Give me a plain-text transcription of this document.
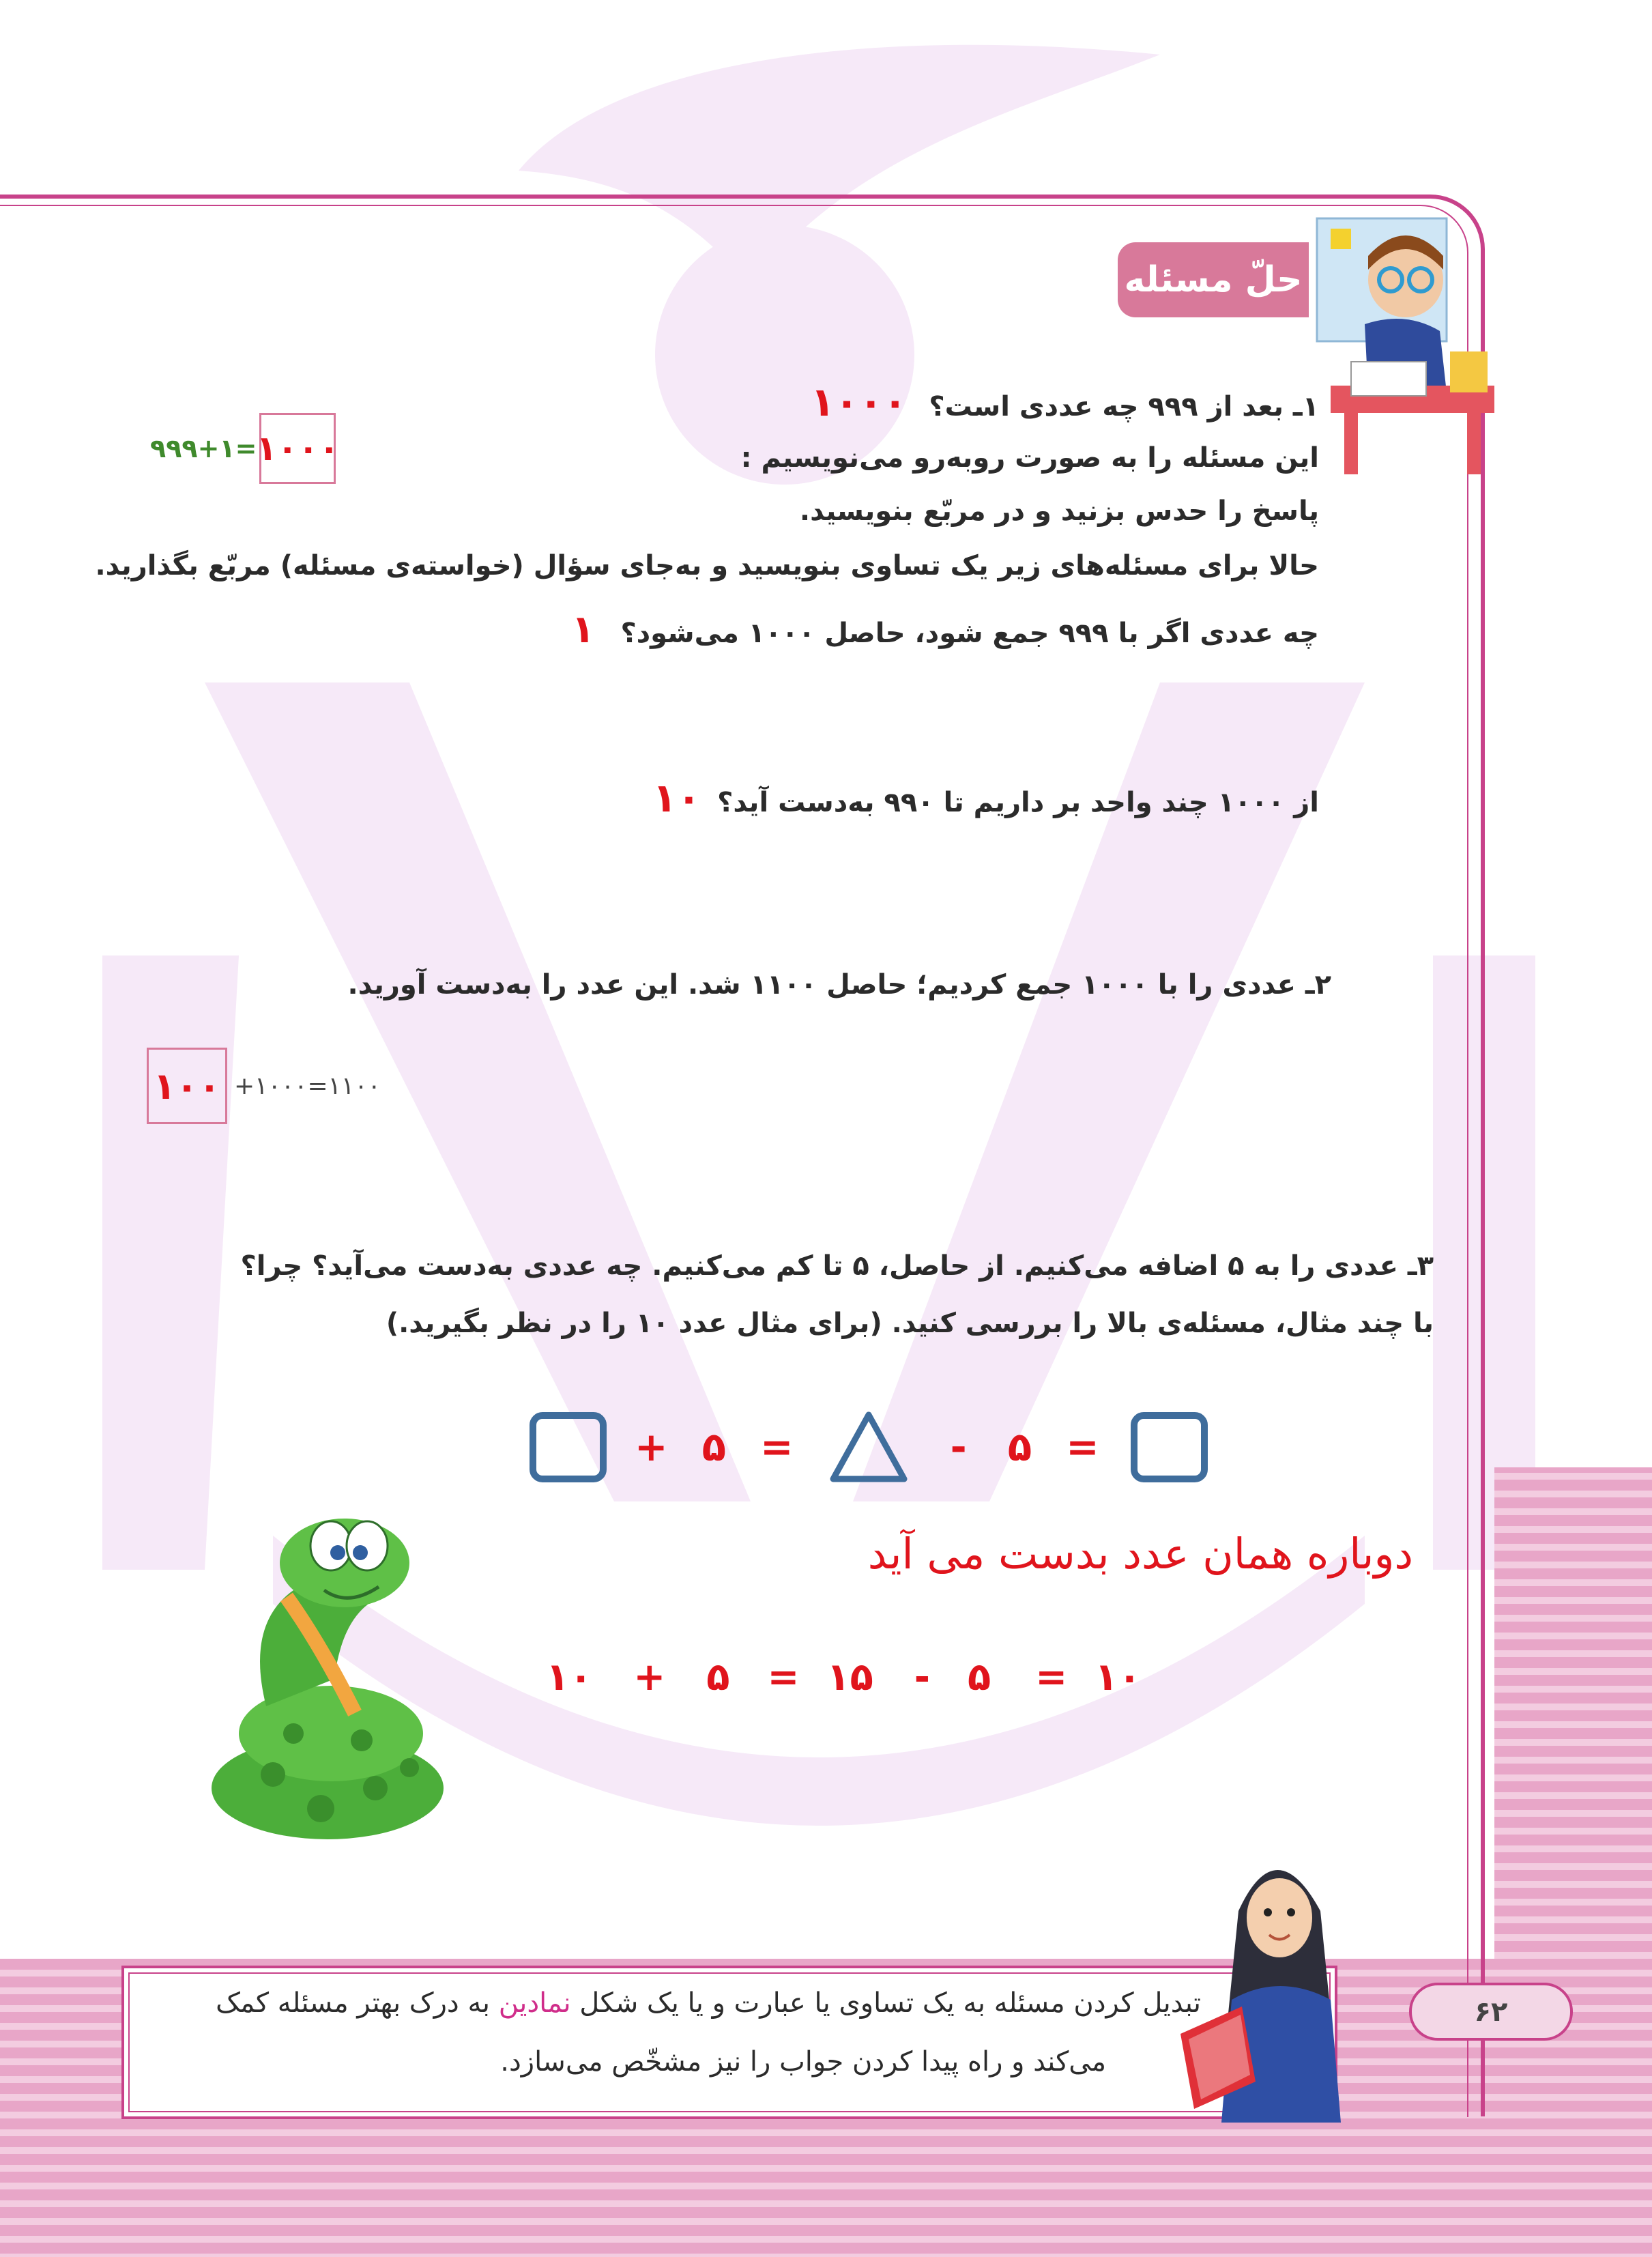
حلّ مسئله
۱ـ بعد از ۹۹۹ چه عددی است؟ ۱۰۰۰
۹۹۹+۱=
۱۰۰۰	این مسئله را به صورت روبه‌رو می‌نویسیم :
پاسخ را حدس بزنید و در مربّع بنویسید.
حالا برای مسئله‌های زیر یک تساوی بنویسید و به‌جای سؤال (خواسته‌ی مسئله) مربّع بگذارید.
چه عددی اگر با ۹۹۹ جمع شود، حاصل ۱۰۰۰ می‌شود؟ ۱
از ۱۰۰۰ چند واحد بر داریم تا ۹۹۰ به‌دست آید؟ ۱۰
۲ـ عددی را با ۱۰۰۰ جمع کردیم؛ حاصل ۱۱۰۰ شد. این عدد را به‌دست آورید.
۱۰۰ +۱۰۰۰=۱۱۰۰
۳ـ عددی را به ۵ اضافه می‌کنیم. از حاصل، ۵ تا کم می‌کنیم. چه عددی به‌دست می‌آید؟ چرا؟
با چند مثال، مسئله‌ی بالا را بررسی کنید. (برای مثال عدد ۱۰ را در نظر بگیرید.)
+ ۵ =	- ۵ =
دوباره همان عدد بدست می آید
۱۰ + ۵ = ۱۵ - ۵ = ۱۰
تبدیل کردن مسئله به یک تساوی یا عبارت و یا یک شکل نمادین به درک بهتر مسئله کمک
می‌کند و راه پیدا کردن جواب را نیز مشخّص می‌سازد.
۶۲
